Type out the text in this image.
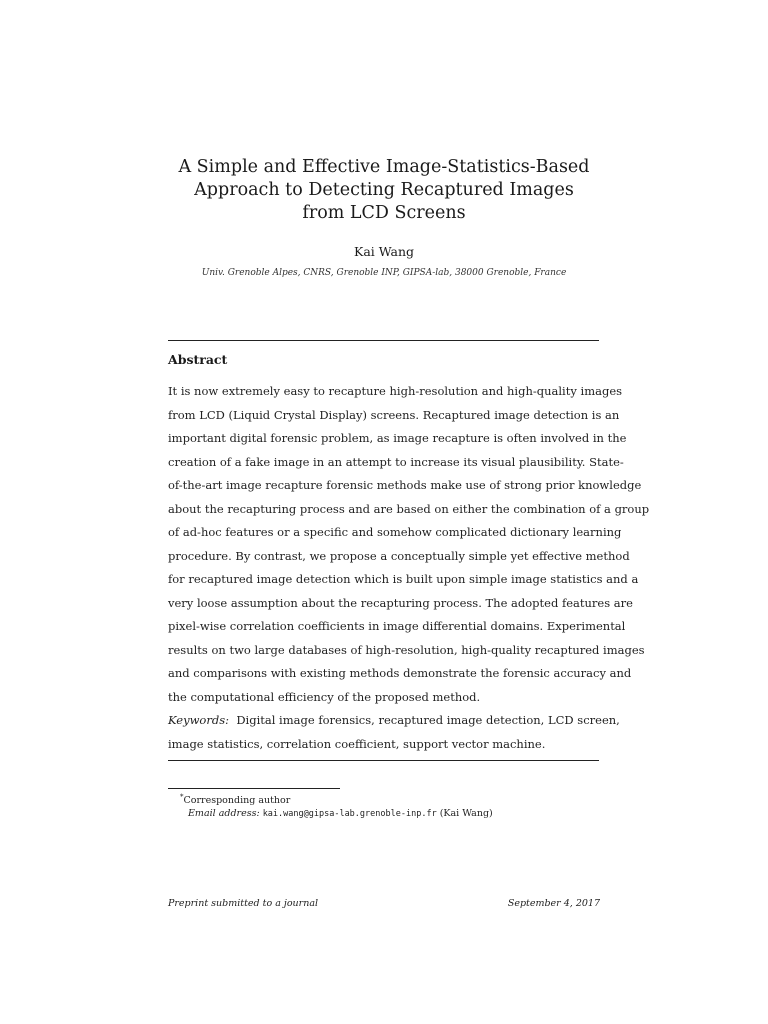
A Simple and Effective Image-Statistics-Based
Approach to Detecting Recaptured Images
from LCD Screens
Kai Wang
Univ. Grenoble Alpes, CNRS, Grenoble INP, GIPSA-lab, 38000 Grenoble, France
Abstract
It is now extremely easy to recapture high-resolution and high-quality images
from LCD (Liquid Crystal Display) screens. Recaptured image detection is an
important digital forensic problem, as image recapture is often involved in the
creation of a fake image in an attempt to increase its visual plausibility. State-
of-the-art image recapture forensic methods make use of strong prior knowledge
about the recapturing process and are based on either the combination of a group
of ad-hoc features or a specific and somehow complicated dictionary learning
procedure. By contrast, we propose a conceptually simple yet effective method
for recaptured image detection which is built upon simple image statistics and a
very loose assumption about the recapturing process. The adopted features are
pixel-wise correlation coefficients in image differential domains. Experimental
results on two large databases of high-resolution, high-quality recaptured images
and comparisons with existing methods demonstrate the forensic accuracy and
the computational efficiency of the proposed method.
Keywords: Digital image forensics, recaptured image detection, LCD screen,
image statistics, correlation coefficient, support vector machine.
*Corresponding author
Email address: kai.wang@gipsa-lab.grenoble-inp.fr (Kai Wang)
Preprint submitted to a journal	September 4, 2017
